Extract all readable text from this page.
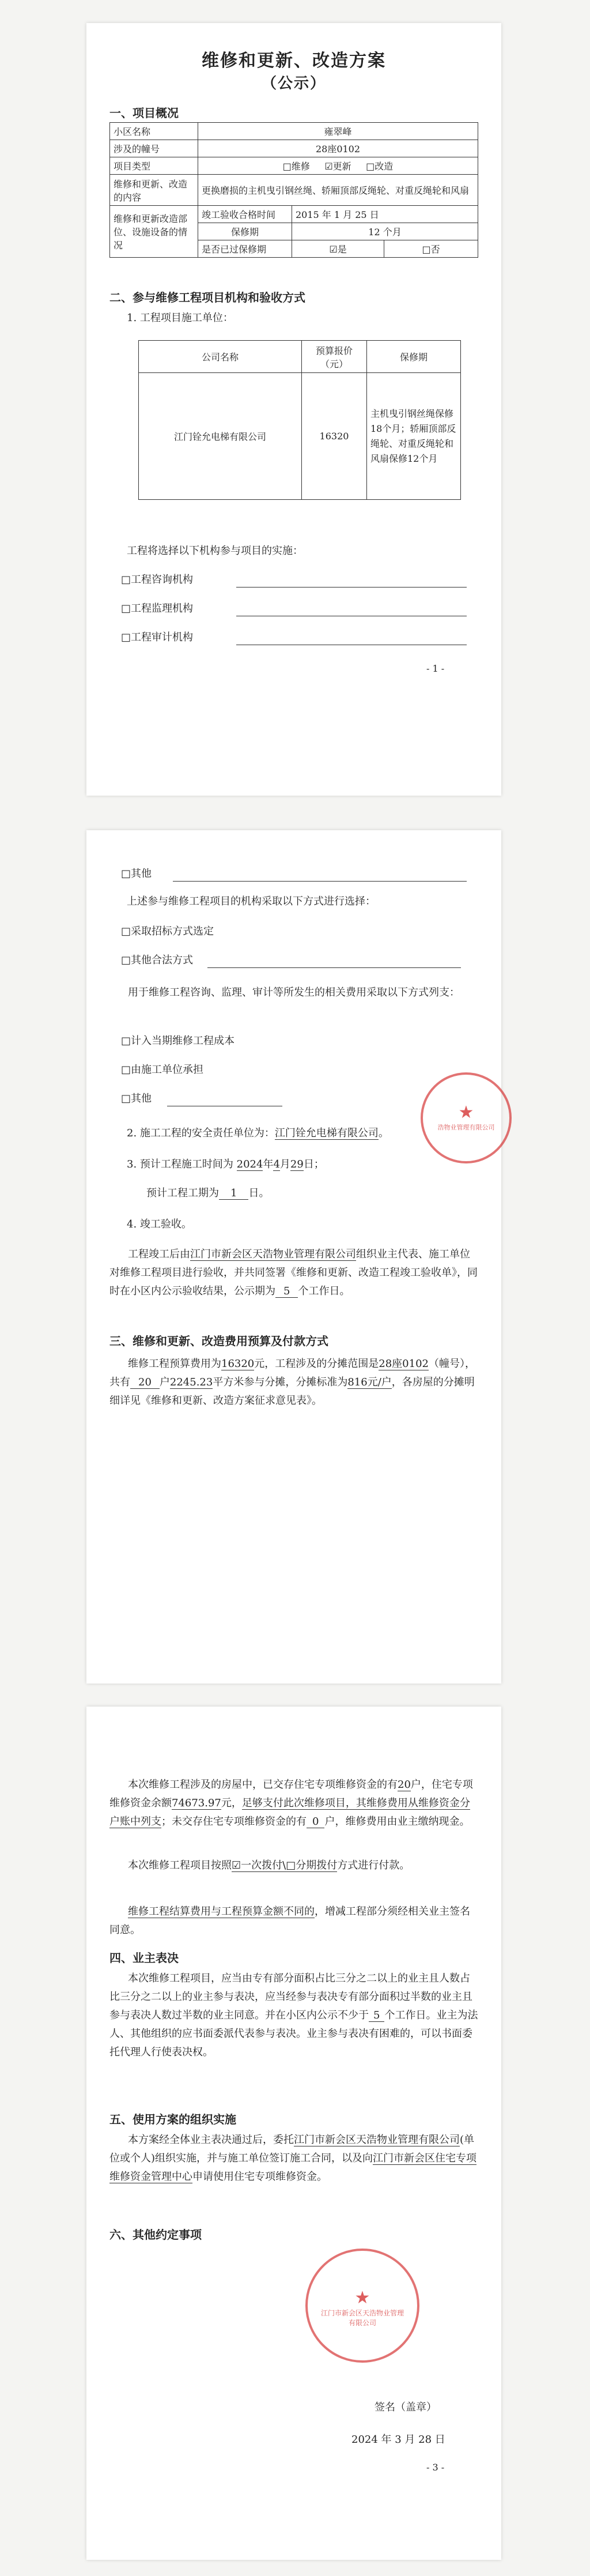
维修和更新、改造方案
（公示）
一、项目概况
小区名称	雍翠峰		
涉及的幢号	28座0102		
项目类型	□维修 ☑更新 □改造		
维修和更新、改造的内容	更换磨损的主机曳引钢丝绳、轿厢顶部反绳轮、对重反绳轮和风扇		
维修和更新改造部位、设施设备的情况	竣工验收合格时间	2015 年 1 月 25 日	
	保修期	12 个月	
	是否已过保修期	☑是	□否
二、参与维修工程项目机构和验收方式
1. 工程项目施工单位：
公司名称	预算报价（元）	保修期
江门铨允电梯有限公司	16320	主机曳引钢丝绳保修18个月；轿厢顶部反绳轮、对重反绳轮和风扇保修12个月
工程将选择以下机构参与项目的实施：
□工程咨询机构
□工程监理机构
□工程审计机构
- 1 -
□其他
上述参与维修工程项目的机构采取以下方式进行选择：
□采取招标方式选定
□其他合法方式
用于维修工程咨询、监理、审计等所发生的相关费用采取以下方式列支：
□计入当期维修工程成本
□由施工单位承担
□其他
2. 施工工程的安全责任单位为：江门铨允电梯有限公司。
3. 预计工程施工时间为 2024年4月29日；
预计工程工期为 1 日。
4. 竣工验收。
工程竣工后由江门市新会区天浩物业管理有限公司组织业主代表、施工单位对维修工程项目进行验收，并共同签署《维修和更新、改造工程竣工验收单》，同时在小区内公示验收结果，公示期为 5 个工作日。
三、维修和更新、改造费用预算及付款方式
维修工程预算费用为16320元，工程涉及的分摊范围是28座0102（幢号），共有 20 户2245.23平方米参与分摊，分摊标准为816元/户，各房屋的分摊明细详见《维修和更新、改造方案征求意见表》。
★
浩物业管理有限公司
本次维修工程涉及的房屋中，已交存住宅专项维修资金的有20户，住宅专项维修资金余额74673.97元，足够支付此次维修项目，其维修费用从维修资金分户账中列支；未交存住宅专项维修资金的有 0 户，维修费用由业主缴纳现金。
本次维修工程项目按照☑一次拨付\□分期拨付方式进行付款。
维修工程结算费用与工程预算金额不同的，增减工程部分须经相关业主签名同意。
四、业主表决
本次维修工程项目，应当由专有部分面积占比三分之二以上的业主且人数占比三分之二以上的业主参与表决，应当经参与表决专有部分面积过半数的业主且参与表决人数过半数的业主同意。并在小区内公示不少于 5 个工作日。业主为法人、其他组织的应书面委派代表参与表决。业主参与表决有困难的，可以书面委托代理人行使表决权。
五、使用方案的组织实施
本方案经全体业主表决通过后，委托江门市新会区天浩物业管理有限公司(单位或个人)组织实施，并与施工单位签订施工合同，以及向江门市新会区住宅专项维修资金管理中心申请使用住宅专项维修资金。
六、其他约定事项
★
江门市新会区天浩物业管理有限公司
签名（盖章）
2024 年 3 月 28 日
- 3 -
